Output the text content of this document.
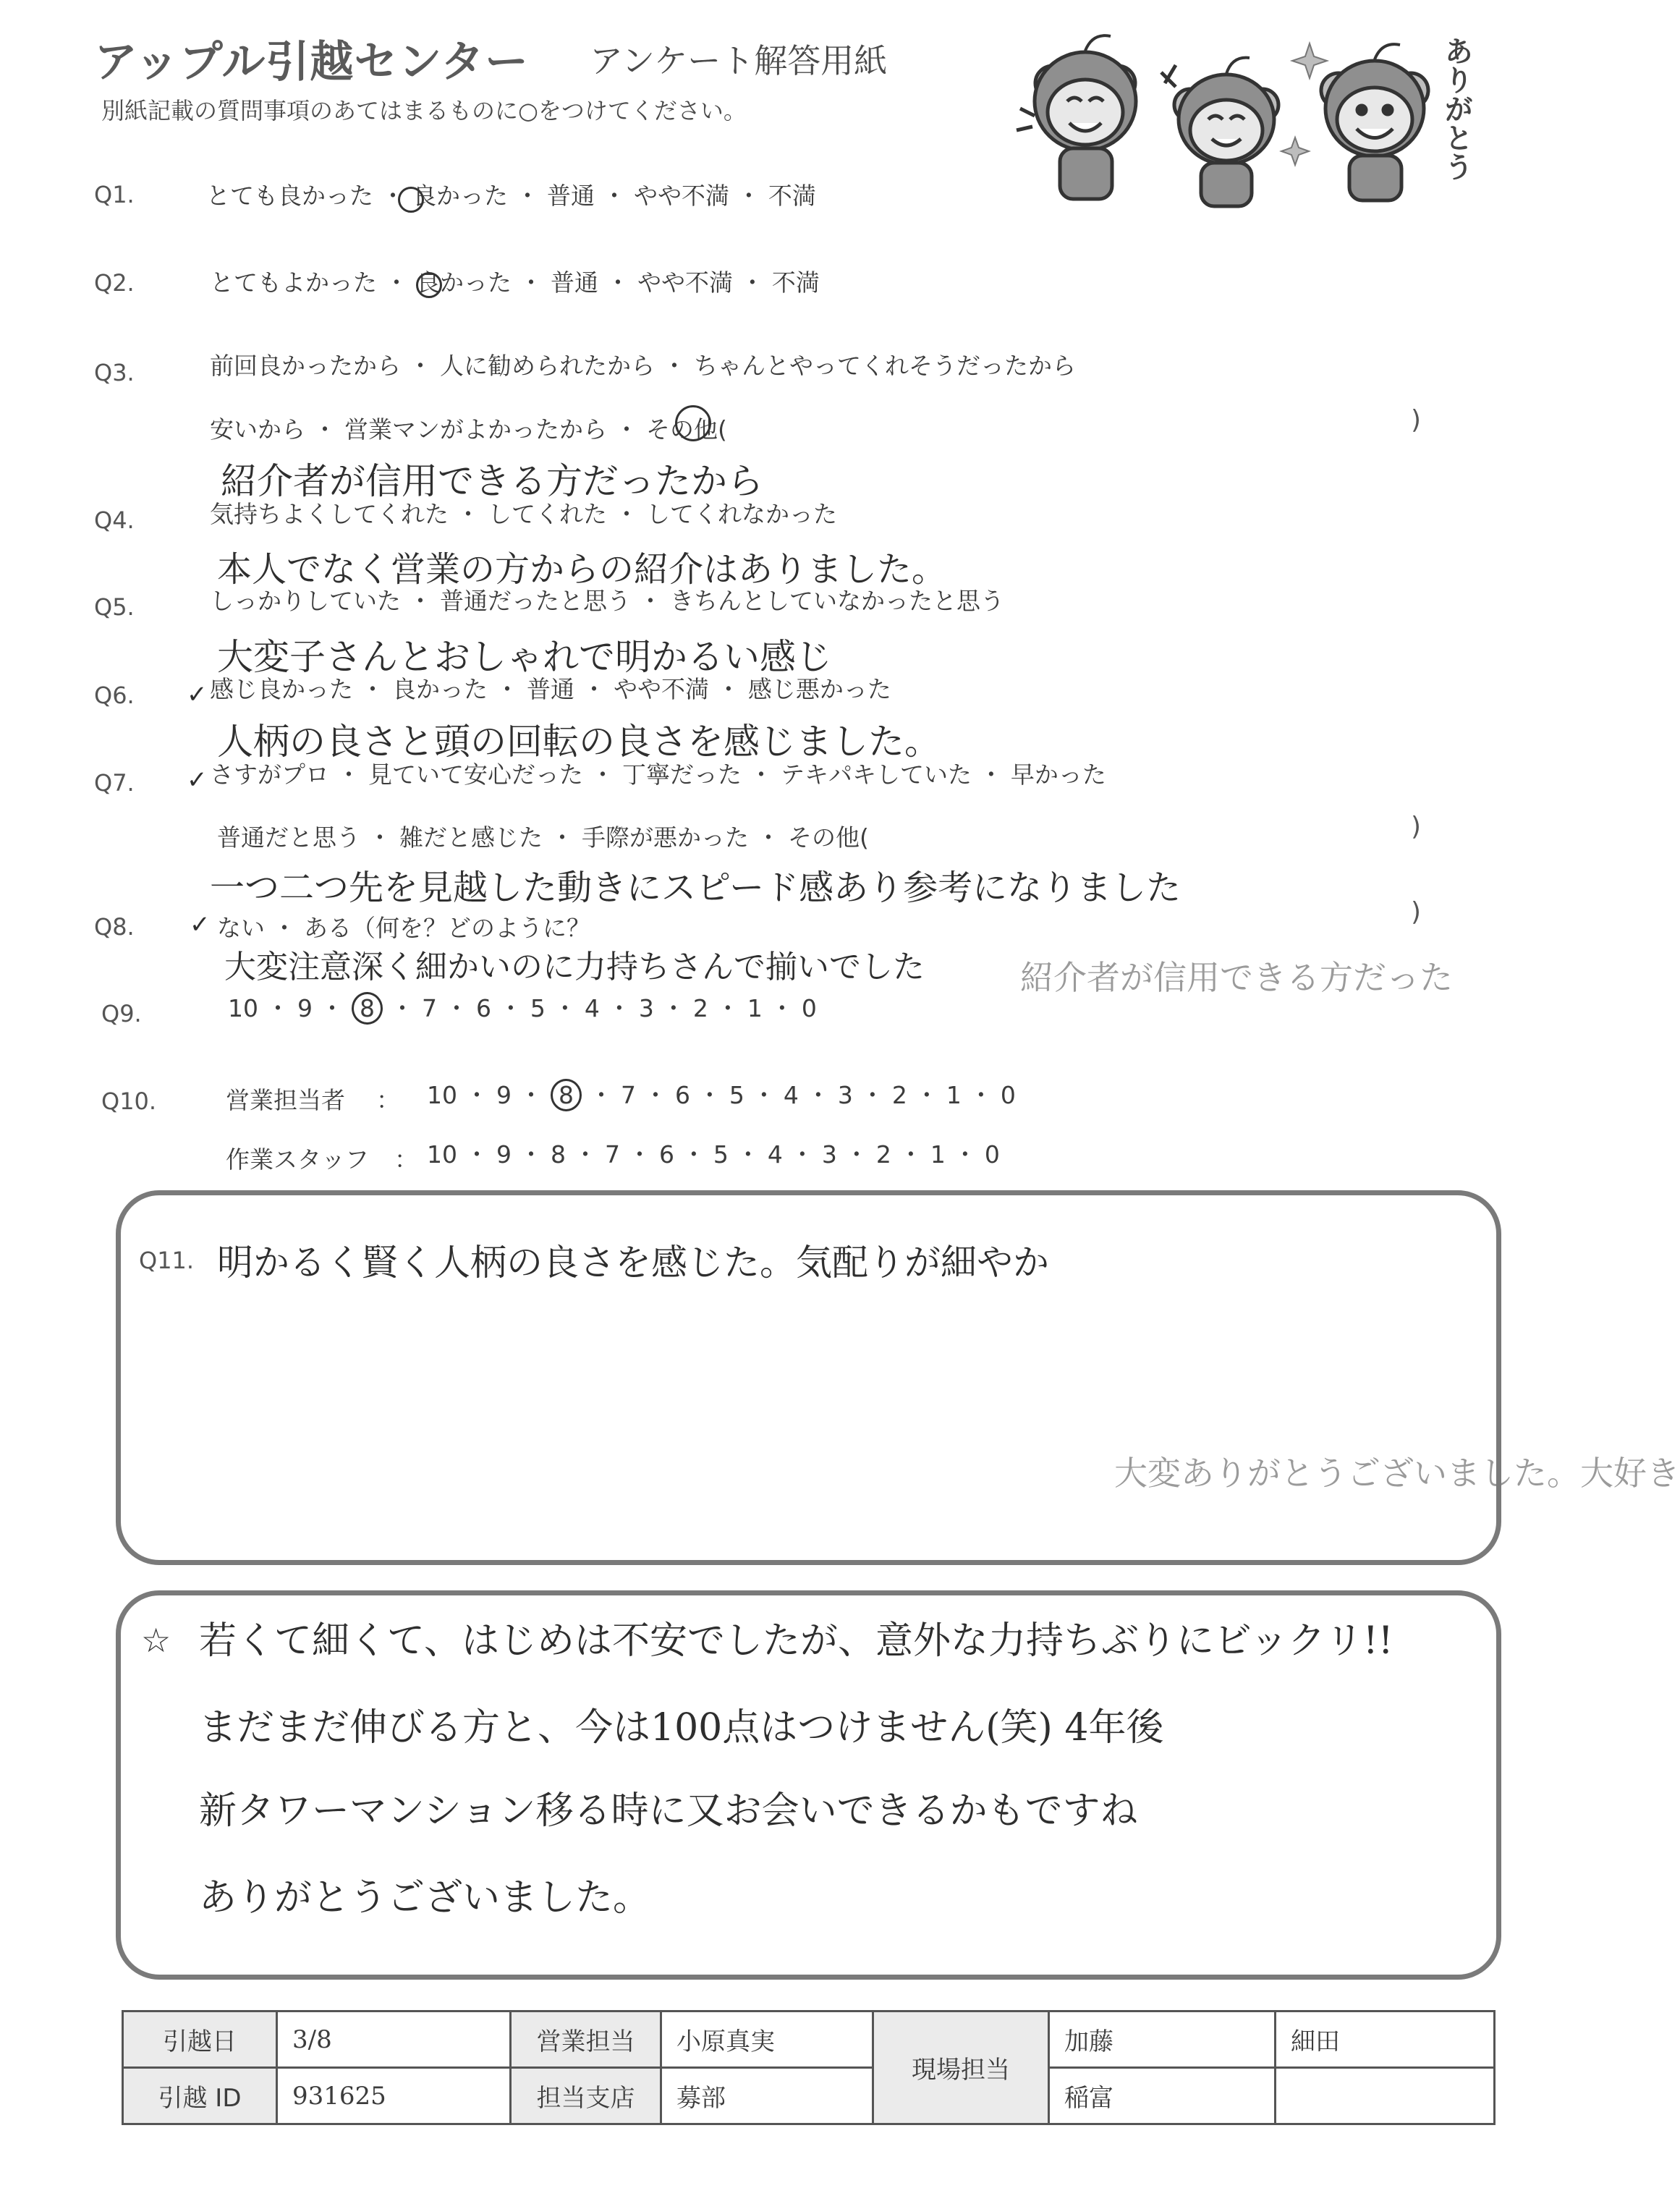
アップル引越センター アンケート解答用紙
別紙記載の質問事項のあてはまるものに○をつけてください。	ありがとう
Q1.	とても良かった ・ 良かった ・ 普通 ・ やや不満 ・ 不満
Q2.	とてもよかった ・ 良かった ・ 普通 ・ やや不満 ・ 不満
Q3.	前回良かったから ・ 人に勧められたから ・ ちゃんとやってくれそうだったから
安いから ・ 営業マンがよかったから ・ その他(	)
紹介者が信用できる方だったから
Q4.	気持ちよくしてくれた ・ してくれた ・ してくれなかった
本人でなく営業の方からの紹介はありました。
Q5.	しっかりしていた ・ 普通だったと思う ・ きちんとしていなかったと思う
大変子さんとおしゃれで明かるい感じ
Q6.	感じ良かった ・ 良かった ・ 普通 ・ やや不満 ・ 感じ悪かった
✓
人柄の良さと頭の回転の良さを感じました。
Q7.	さすがプロ ・ 見ていて安心だった ・ 丁寧だった ・ テキパキしていた ・ 早かった
✓
普通だと思う ・ 雑だと感じた ・ 手際が悪かった ・ その他(	)
一つ二つ先を見越した動きにスピード感あり参考になりました
Q8.	ない ・ ある（何を？どのように？
✓	)
大変注意深く細かいのに力持ちさんで揃いでした	紹介者が信用できる方だった
大変ありがとうございました。大好き
Q9.	10 ・ 9 ・ 8 ・ 7 ・ 6 ・ 5 ・ 4 ・ 3 ・ 2 ・ 1 ・ 0
Q10.	営業担当者 ： 10 ・ 9 ・ 8 ・ 7 ・ 6 ・ 5 ・ 4 ・ 3 ・ 2 ・ 1 ・ 0
作業スタッフ ： 10 ・ 9 ・ 8 ・ 7 ・ 6 ・ 5 ・ 4 ・ 3 ・ 2 ・ 1 ・ 0
Q11. 明かるく賢く人柄の良さを感じた。気配りが細やか
☆ 若くて細くて、はじめは不安でしたが、意外な力持ちぶりにビックリ!!
まだまだ伸びる方と、今は100点はつけません(笑) 4年後
新タワーマンション移る時に又お会いできるかもですね
ありがとうございました。
引越日	3/8	営業担当	小原真実	現場担当	加藤	細田
引越 ID	931625	担当支店	募部		稲富	
